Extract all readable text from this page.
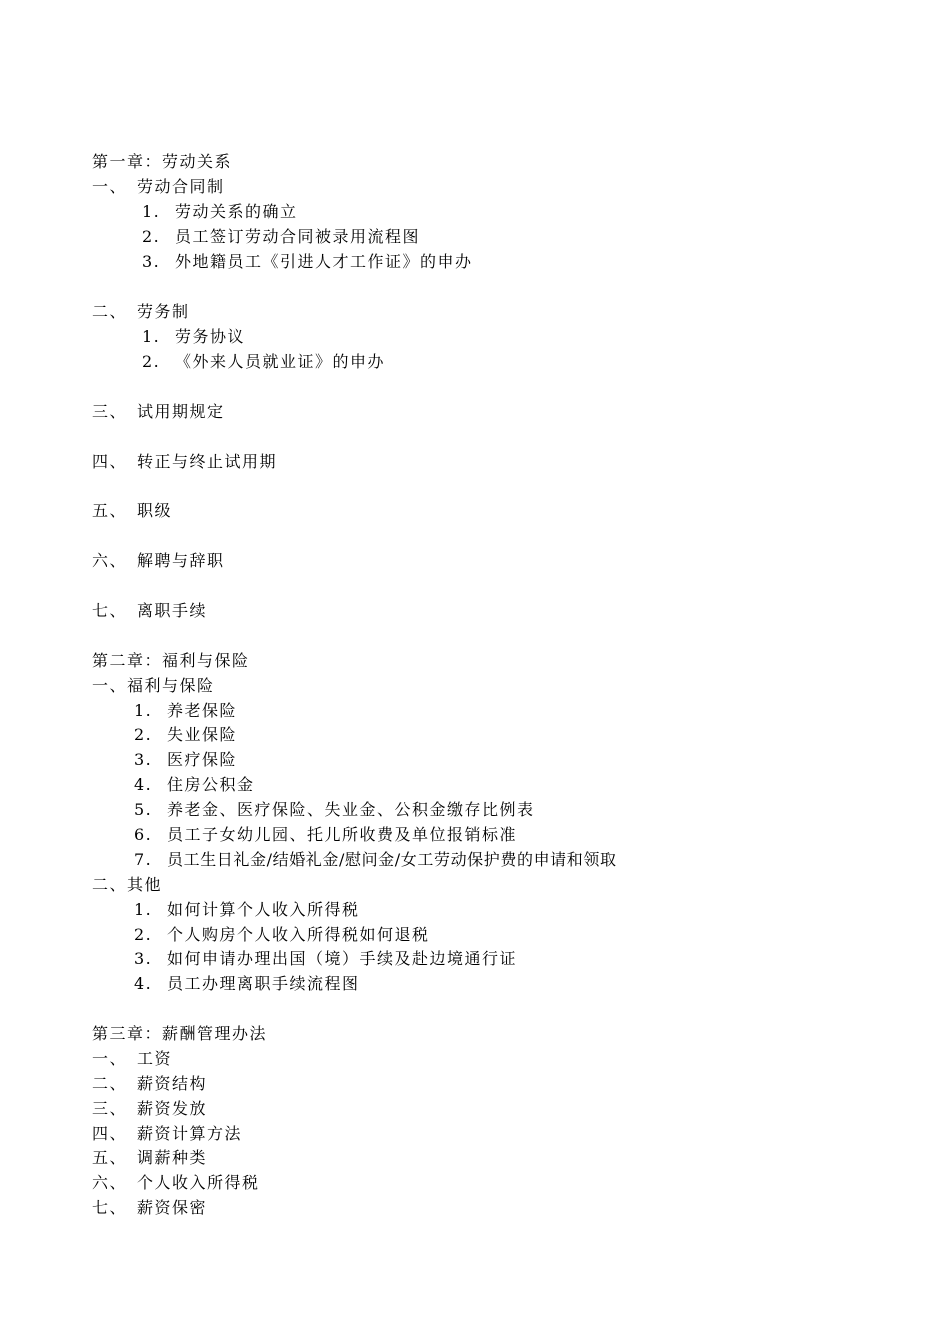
第一章：劳动关系
一、 劳动合同制
1. 劳动关系的确立
2. 员工签订劳动合同被录用流程图
3. 外地籍员工《引进人才工作证》的申办
二、 劳务制
1. 劳务协议
2. 《外来人员就业证》的申办
三、 试用期规定
四、 转正与终止试用期
五、 职级
六、 解聘与辞职
七、 离职手续
第二章：福利与保险
一、福利与保险
1. 养老保险
2. 失业保险
3. 医疗保险
4. 住房公积金
5. 养老金、医疗保险、失业金、公积金缴存比例表
6. 员工子女幼儿园、托儿所收费及单位报销标准
7. 员工生日礼金/结婚礼金/慰问金/女工劳动保护费的申请和领取
二、其他
1. 如何计算个人收入所得税
2. 个人购房个人收入所得税如何退税
3. 如何申请办理出国（境）手续及赴边境通行证
4. 员工办理离职手续流程图
第三章：薪酬管理办法
一、 工资
二、 薪资结构
三、 薪资发放
四、 薪资计算方法
五、 调薪种类
六、 个人收入所得税
七、 薪资保密
